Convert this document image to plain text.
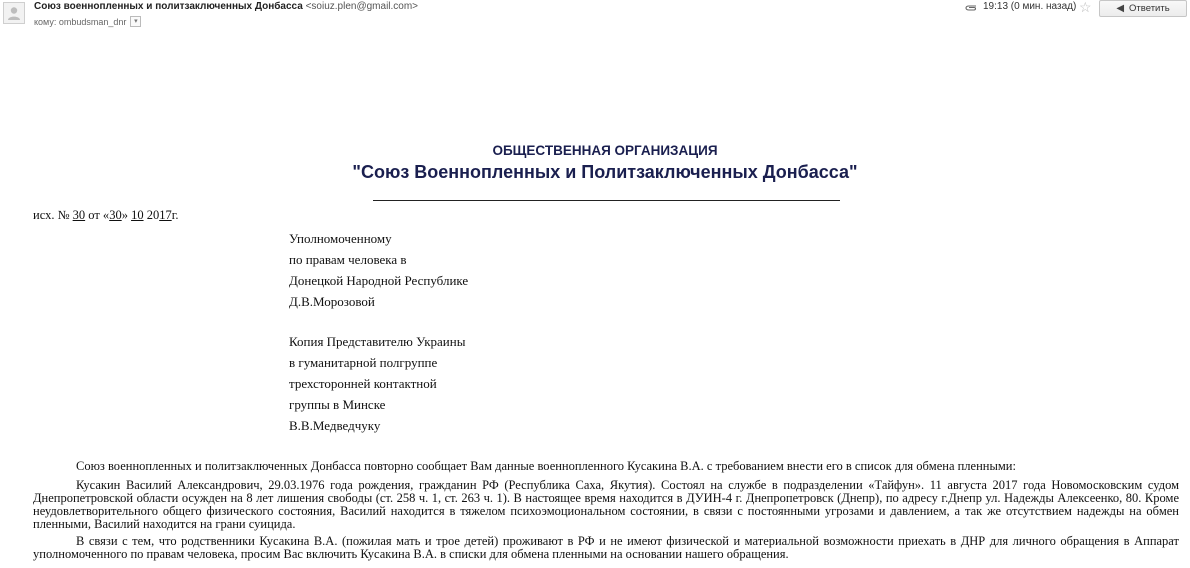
Союз военнопленных и политзаключенных Донбасса <soiuz.plen@gmail.com>
кому:
ombudsman_dnr	▾
19:13 (0 мин. назад) ☆ ◀ Ответить
ОБЩЕСТВЕННАЯ ОРГАНИЗАЦИЯ
"Союз Военнопленных и Политзаключенных Донбасса"
исх. № 30 от «30» 10 2017г.
Уполномоченному
по правам человека в
Донецкой Народной Республике
Д.В.Морозовой
Копия Представителю Украины
в гуманитарной полгруппе
трехсторонней контактной
группы в Минске
В.В.Медведчуку
Союз военнопленных и политзаключенных Донбасса повторно сообщает Вам данные военнопленного Кусакина В.А. с требованием внести его в список для обмена пленными:
Кусакин Василий Александрович, 29.03.1976 года рождения, гражданин РФ (Республика Саха, Якутия). Состоял на службе в подразделении «Тайфун». 11 августа 2017 года Новомосковским судом Днепропетровской области осужден на 8 лет лишения свободы (ст. 258 ч. 1, ст. 263 ч. 1). В настоящее время находится в ДУИН-4 г. Днепропетровск (Днепр), по адресу г.Днепр ул. Надежды Алексеенко, 80. Кроме неудовлетворительного общего физического состояния, Василий находится в тяжелом психоэмоциональном состоянии, в связи с постоянными угрозами и давлением, а так же отсутствием надежды на обмен пленными, Василий находится на грани суицида.
В связи с тем, что родственники Кусакина В.А. (пожилая мать и трое детей) проживают в РФ и не имеют физической и материальной возможности приехать в ДНР для личного обращения в Аппарат уполномоченного по правам человека, просим Вас включить Кусакина В.А. в списки для обмена пленными на основании нашего обращения.
